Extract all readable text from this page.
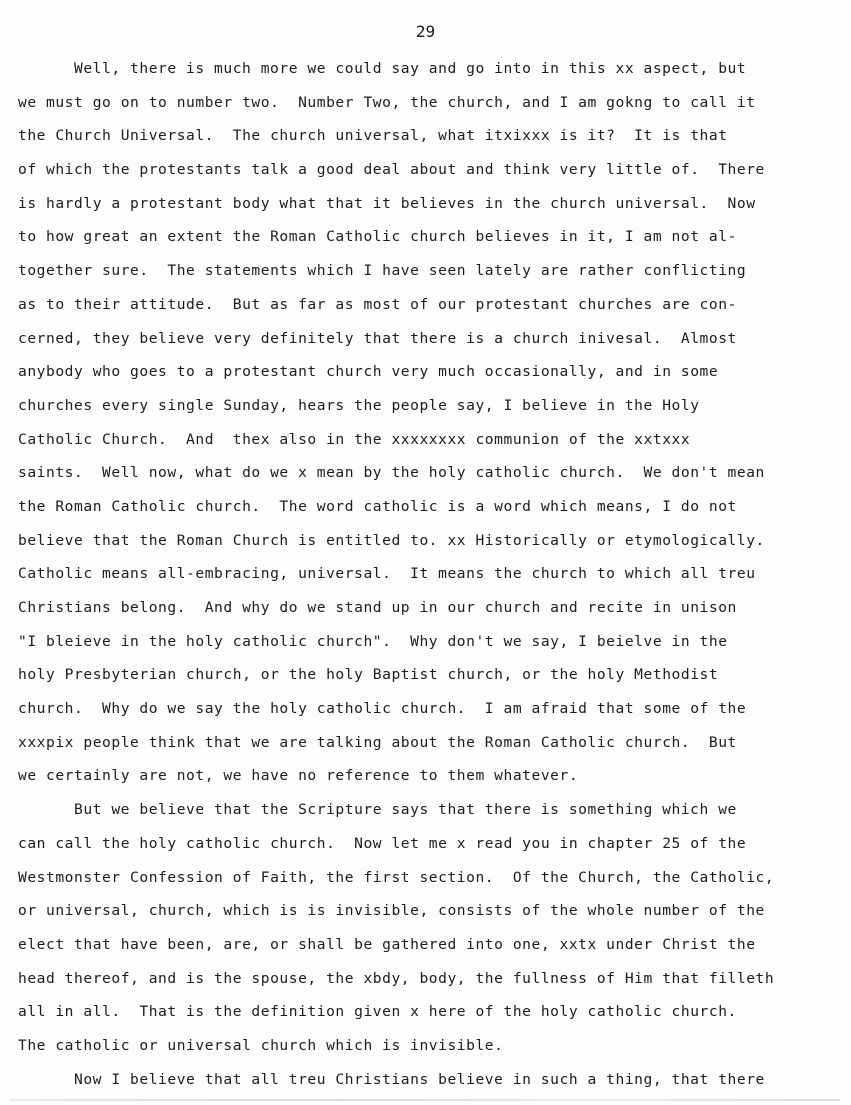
29
Well, there is much more we could say and go into in this xx aspect, but
we must go on to number two.  Number Two, the church, and I am gokng to call it
the Church Universal.  The church universal, what itxixxx is it?  It is that
of which the protestants talk a good deal about and think very little of.  There
is hardly a protestant body what that it believes in the church universal.  Now
to how great an extent the Roman Catholic church believes in it, I am not al-
together sure.  The statements which I have seen lately are rather conflicting
as to their attitude.  But as far as most of our protestant churches are con-
cerned, they believe very definitely that there is a church inivesal.  Almost
anybody who goes to a protestant church very much occasionally, and in some
churches every single Sunday, hears the people say, I believe in the Holy
Catholic Church.  And  thex also in the xxxxxxxx communion of the xxtxxx
saints.  Well now, what do we x mean by the holy catholic church.  We don't mean
the Roman Catholic church.  The word catholic is a word which means, I do not
believe that the Roman Church is entitled to. xx Historically or etymologically.
Catholic means all-embracing, universal.  It means the church to which all treu
Christians belong.  And why do we stand up in our church and recite in unison
"I bleieve in the holy catholic church".  Why don't we say, I beielve in the
holy Presbyterian church, or the holy Baptist church, or the holy Methodist
church.  Why do we say the holy catholic church.  I am afraid that some of the
xxxpix people think that we are talking about the Roman Catholic church.  But
we certainly are not, we have no reference to them whatever.
But we believe that the Scripture says that there is something which we
can call the holy catholic church.  Now let me x read you in chapter 25 of the
Westmonster Confession of Faith, the first section.  Of the Church, the Catholic,
or universal, church, which is is invisible, consists of the whole number of the
elect that have been, are, or shall be gathered into one, xxtx under Christ the
head thereof, and is the spouse, the xbdy, body, the fullness of Him that filleth
all in all.  That is the definition given x here of the holy catholic church.
The catholic or universal church which is invisible.
Now I believe that all treu Christians believe in such a thing, that there
